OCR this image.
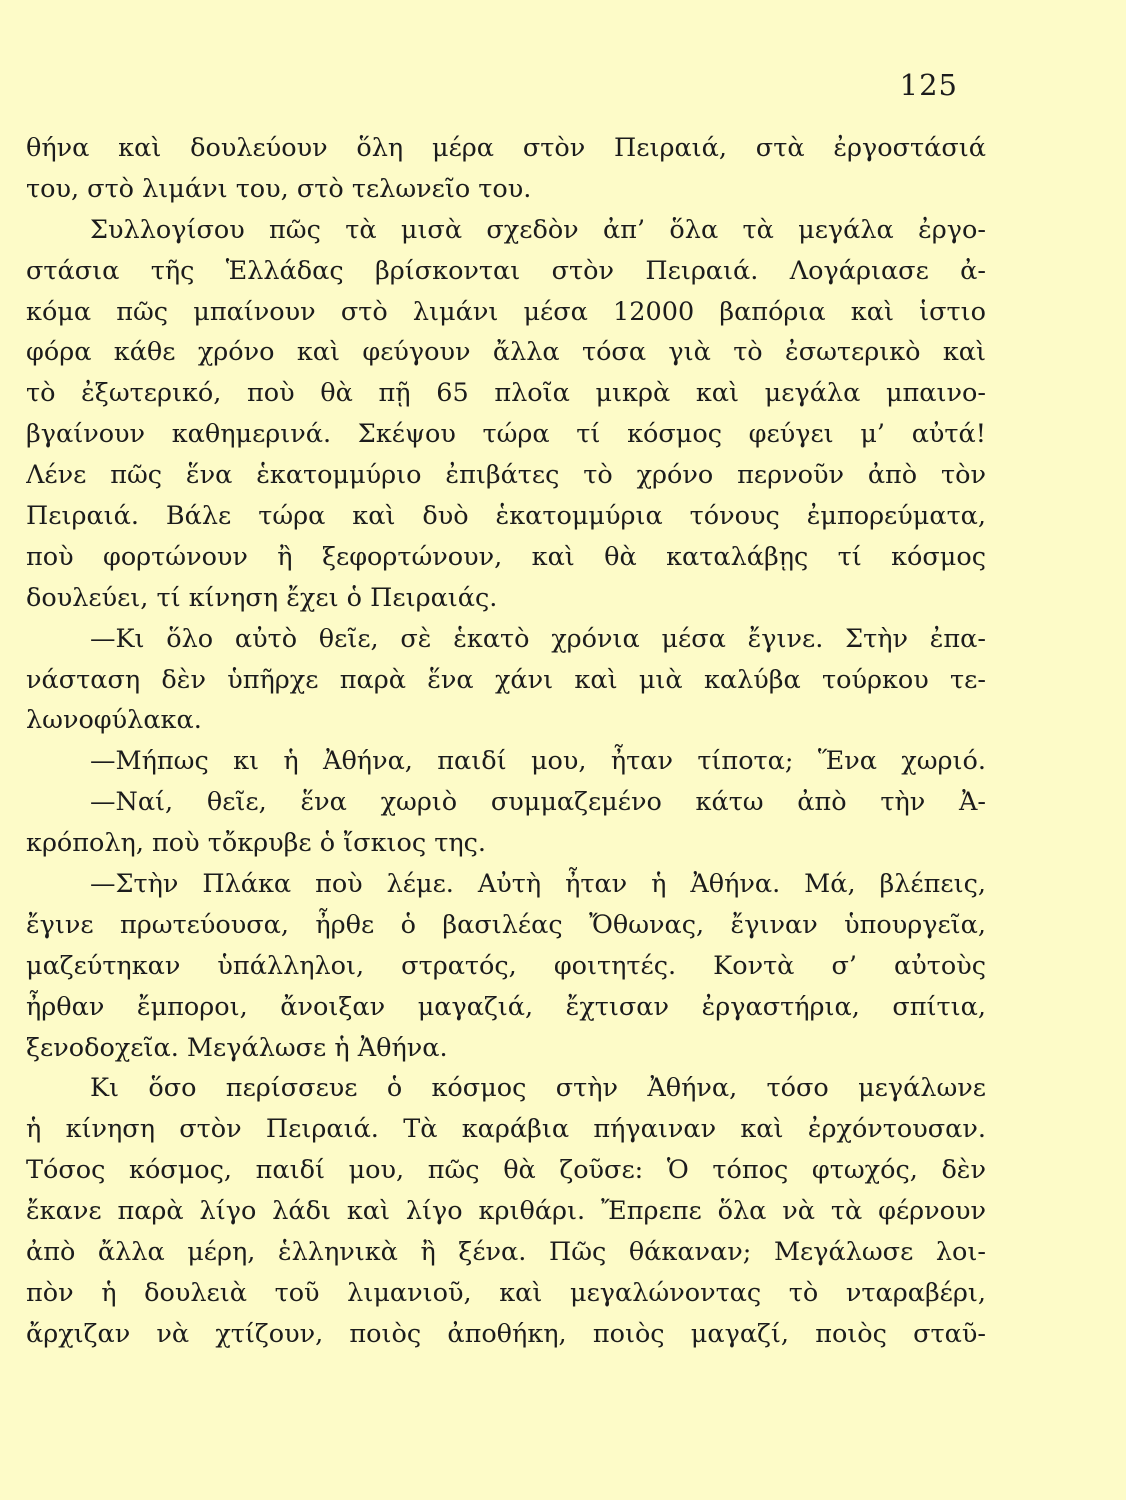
125
θήνα καὶ δουλεύουν ὅλη μέρα στὸν Πειραιά, στὰ ἐργοστάσιά
του, στὸ λιμάνι του, στὸ τελωνεῖο του.
Συλλογίσου πῶς τὰ μισὰ σχεδὸν ἀπ’ ὅλα τὰ μεγάλα ἐργο-
στάσια τῆς Ἑλλάδας βρίσκονται στὸν Πειραιά. Λογάριασε ἀ-
κόμα πῶς μπαίνουν στὸ λιμάνι μέσα 12000 βαπόρια καὶ ἱστιο
φόρα κάθε χρόνο καὶ φεύγουν ἄλλα τόσα γιὰ τὸ ἐσωτερικὸ καὶ
τὸ ἐξωτερικό, ποὺ θὰ πῇ 65 πλοῖα μικρὰ καὶ μεγάλα μπαινο-
βγαίνουν καθημερινά. Σκέψου τώρα τί κόσμος φεύγει μ’ αὐτά!
Λένε πῶς ἕνα ἑκατομμύριο ἐπιβάτες τὸ χρόνο περνοῦν ἀπὸ τὸν
Πειραιά. Βάλε τώρα καὶ δυὸ ἑκατομμύρια τόνους ἐμπορεύματα,
ποὺ φορτώνουν ἢ ξεφορτώνουν, καὶ θὰ καταλάβῃς τί κόσμος
δουλεύει, τί κίνηση ἔχει ὁ Πειραιάς.
—Κι ὅλο αὐτὸ θεῖε, σὲ ἑκατὸ χρόνια μέσα ἔγινε. Στὴν ἐπα-
νάσταση δὲν ὑπῆρχε παρὰ ἕνα χάνι καὶ μιὰ καλύβα τούρκου τε-
λωνοφύλακα.
—Μήπως κι ἡ Ἀθήνα, παιδί μου, ἦταν τίποτα; Ἕνα χωριό.
—Ναί, θεῖε, ἕνα χωριὸ συμμαζεμένο κάτω ἀπὸ τὴν Ἀ-
κρόπολη, ποὺ τὄκρυβε ὁ ἴσκιος της.
—Στὴν Πλάκα ποὺ λέμε. Αὐτὴ ἦταν ἡ Ἀθήνα. Μά, βλέπεις,
ἔγινε πρωτεύουσα, ἦρθε ὁ βασιλέας Ὄθωνας, ἔγιναν ὑπουργεῖα,
μαζεύτηκαν ὑπάλληλοι, στρατός, φοιτητές. Κοντὰ σ’ αὐτοὺς
ἦρθαν ἔμποροι, ἄνοιξαν μαγαζιά, ἔχτισαν ἐργαστήρια, σπίτια,
ξενοδοχεῖα. Μεγάλωσε ἡ Ἀθήνα.
Κι ὅσο περίσσευε ὁ κόσμος στὴν Ἀθήνα, τόσο μεγάλωνε
ἡ κίνηση στὸν Πειραιά. Τὰ καράβια πήγαιναν καὶ ἐρχόντουσαν.
Τόσος κόσμος, παιδί μου, πῶς θὰ ζοῦσε: Ὁ τόπος φτωχός, δὲν
ἔκανε παρὰ λίγο λάδι καὶ λίγο κριθάρι. Ἔπρεπε ὅλα νὰ τὰ φέρνουν
ἀπὸ ἄλλα μέρη, ἑλληνικὰ ἢ ξένα. Πῶς θάκαναν; Μεγάλωσε λοι-
πὸν ἡ δουλειὰ τοῦ λιμανιοῦ, καὶ μεγαλώνοντας τὸ νταραβέρι,
ἄρχιζαν νὰ χτίζουν, ποιὸς ἀποθήκη, ποιὸς μαγαζί, ποιὸς σταῦ-
